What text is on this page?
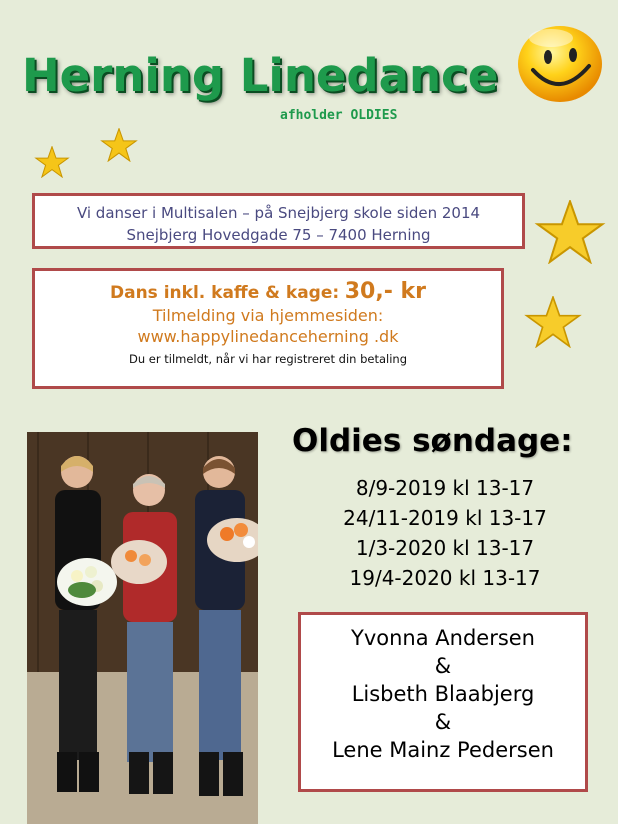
Herning Linedance
afholder OLDIES
Vi danser i Multisalen – på Snejbjerg skole siden 2014
Snejbjerg Hovedgade 75 – 7400 Herning
Dans inkl. kaffe & kage: 30,- kr
Tilmelding via hjemmesiden:
www.happylinedanceherning .dk
Du er tilmeldt, når vi har registreret din betaling
Oldies søndage:
8/9-2019 kl 13-17
24/11-2019 kl 13-17
1/3-2020 kl 13-17
19/4-2020 kl 13-17
Yvonna Andersen
&
Lisbeth Blaabjerg
&
Lene Mainz Pedersen
